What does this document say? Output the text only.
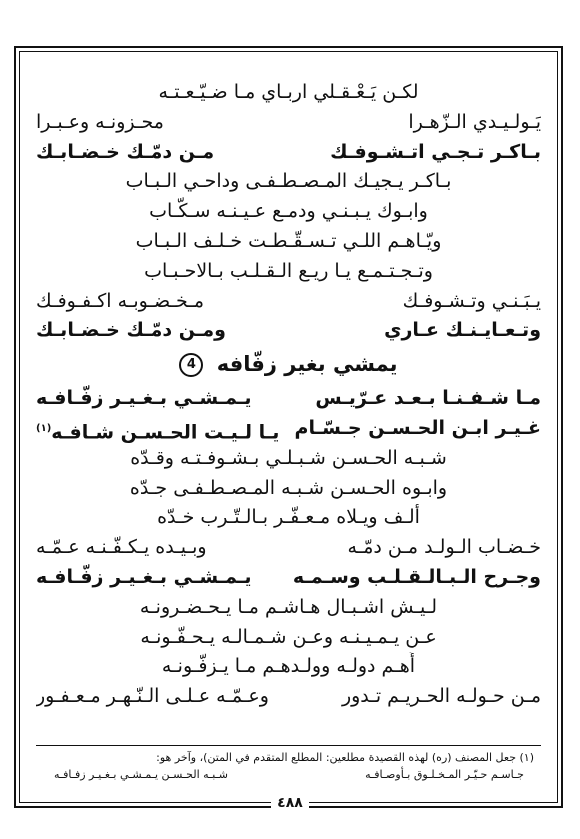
لكـن يَـعْـقـلي اربـاي مـا ضـيّـعـتـه
يَـولـيـدي الـزّهـرا
محـزونـه وعـبـرا
بـاكـر تـجـي اتـشـوفـك
مـن دمّـك خـضـابـك
بـاكـر يـجيـك المـصـطـفـى وداحـي الـبـاب
وابـوك يـبـنـي ودمـع عـيـنـه سـكّـاب
ويّـاهـم اللـي تـسـقّـطـت خـلـف الـبـاب
وتـجـتـمـع يـا ريـع الـقـلـب بـالاحـبـاب
يـبَـنـي وتـشـوفـك
مـخـضـوبـه اكـفـوفـك
وتـعـايـنـك عـاري
ومـن دمّـك خـضـابـك
يمشي بغير زفّافه 4
مـا شـفـنـا بـعـد عـرّيـس
يـمـشـي بـغـيـر زفّـافـه
غـيـر ابـن الحـسـن جـسّـام
يـا لـيـت الحـسـن شـافـه$^{(١)}$
شـبـه الحـسـن شـبـلـي بـشـوفـتـه وقـدّه
وابـوه الحـسـن شـبـه المـصـطـفـى جـدّه
ألـف ويـلاه مـعـفّـر بـالـتّـرب خـدّه
خـضـاب الـولـد مـن دمّـه
وبـيـده يـكـفّـنـه عـمّـه
وجـرح الـبـالـقـلـب وسـمـه
يـمـشـي بـغـيـر زفّـافـه
لـيـش اشـبـال هـاشـم مـا يـحـضـرونـه
عـن يـمـيـنـه وعـن شـمـالـه يـحـفّـونـه
أُهـم دولـه وولـدهـم مـا يـزفّـونـه
مـن حـولـه الحـريـم تـدور
وعـمّـه عـلـى الـنّـهـر مـعـفـور
(١) جعل المصنف (ره) لهذه القصيدة مطلعين: المطلع المتقدم في المتن)، وآخر هو:
جـاسـم حـيّـر المـخـلـوق بـأوصـافـه
شـبـه الحـسـن يـمـشـي بـغـيـر زفـافـه
٤٨٨
